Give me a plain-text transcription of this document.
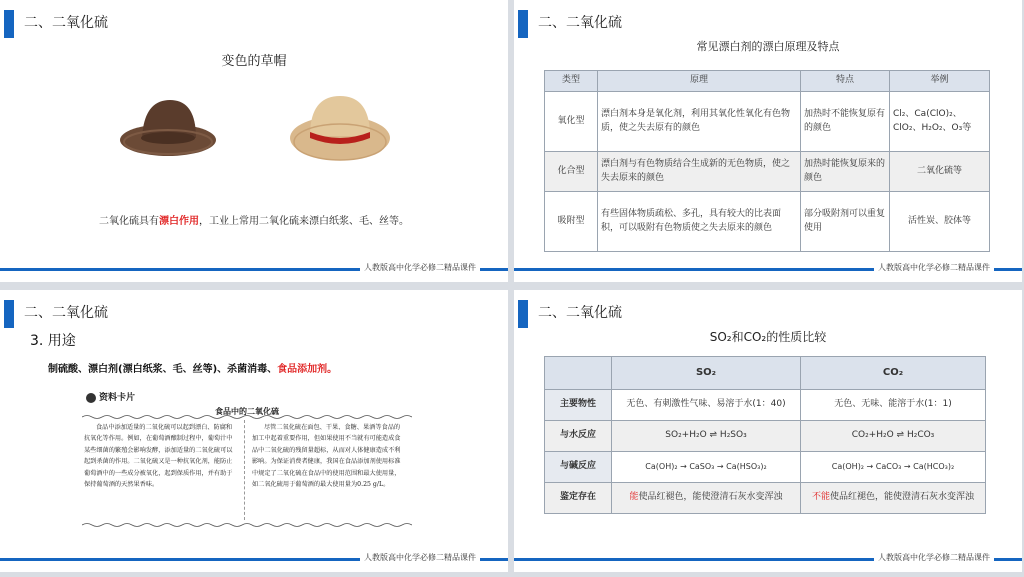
二、二氧化硫
变色的草帽
二氧化硫具有漂白作用，工业上常用二氧化硫来漂白纸浆、毛、丝等。
人教版高中化学必修二精品课件
二、二氧化硫
常见漂白剂的漂白原理及特点
类型	原理	特点	举例
氧化型	漂白剂本身是氧化剂，利用其氧化性氧化有色物质，使之失去原有的颜色	加热时不能恢复原有的颜色	Cl₂、Ca(ClO)₂、ClO₂、H₂O₂、O₃等
化合型	漂白剂与有色物质结合生成新的无色物质，使之失去原来的颜色	加热时能恢复原来的颜色	二氧化硫等
吸附型	有些固体物质疏松、多孔，具有较大的比表面积，可以吸附有色物质使之失去原来的颜色	部分吸附剂可以重复使用	活性炭、胶体等
人教版高中化学必修二精品课件
二、二氧化硫
3. 用途
制硫酸、漂白剂(漂白纸浆、毛、丝等)、杀菌消毒、食品添加剂。
资料卡片
食品中的二氧化硫
食品中添加适量的二氧化硫可以起到漂白、防腐和抗氧化等作用。例如，在葡萄酒酿制过程中，葡萄汁中某些细菌的繁殖会影响发酵，添加适量的二氧化硫可以起到杀菌的作用。二氧化硫又是一种抗氧化剂，能防止葡萄酒中的一些成分被氧化，起到保质作用，并有助于保持葡萄酒的天然果香味。
尽管二氧化硫在面包、干果、食糖、果酒等食品的加工中起着重要作用，但如果使用不当就有可能造成食品中二氧化硫的残留量超标，从而对人体健康造成不利影响。为保证消费者健康，我国在食品添加剂使用标准中规定了二氧化硫在食品中的使用范围和最大使用量，如二氧化硫用于葡萄酒的最大使用量为0.25 g/L。
人教版高中化学必修二精品课件
二、二氧化硫
SO₂和CO₂的性质比较
	SO₂	CO₂
主要物性	无色、有刺激性气味、易溶于水(1：40)	无色、无味、能溶于水(1：1)
与水反应	SO₂+H₂O ⇌ H₂SO₃	CO₂+H₂O ⇌ H₂CO₃
与碱反应	Ca(OH)₂ → CaSO₃ → Ca(HSO₃)₂	Ca(OH)₂ → CaCO₃ → Ca(HCO₃)₂
鉴定存在	能使品红褪色，能使澄清石灰水变浑浊	不能使品红褪色，能使澄清石灰水变浑浊
人教版高中化学必修二精品课件
